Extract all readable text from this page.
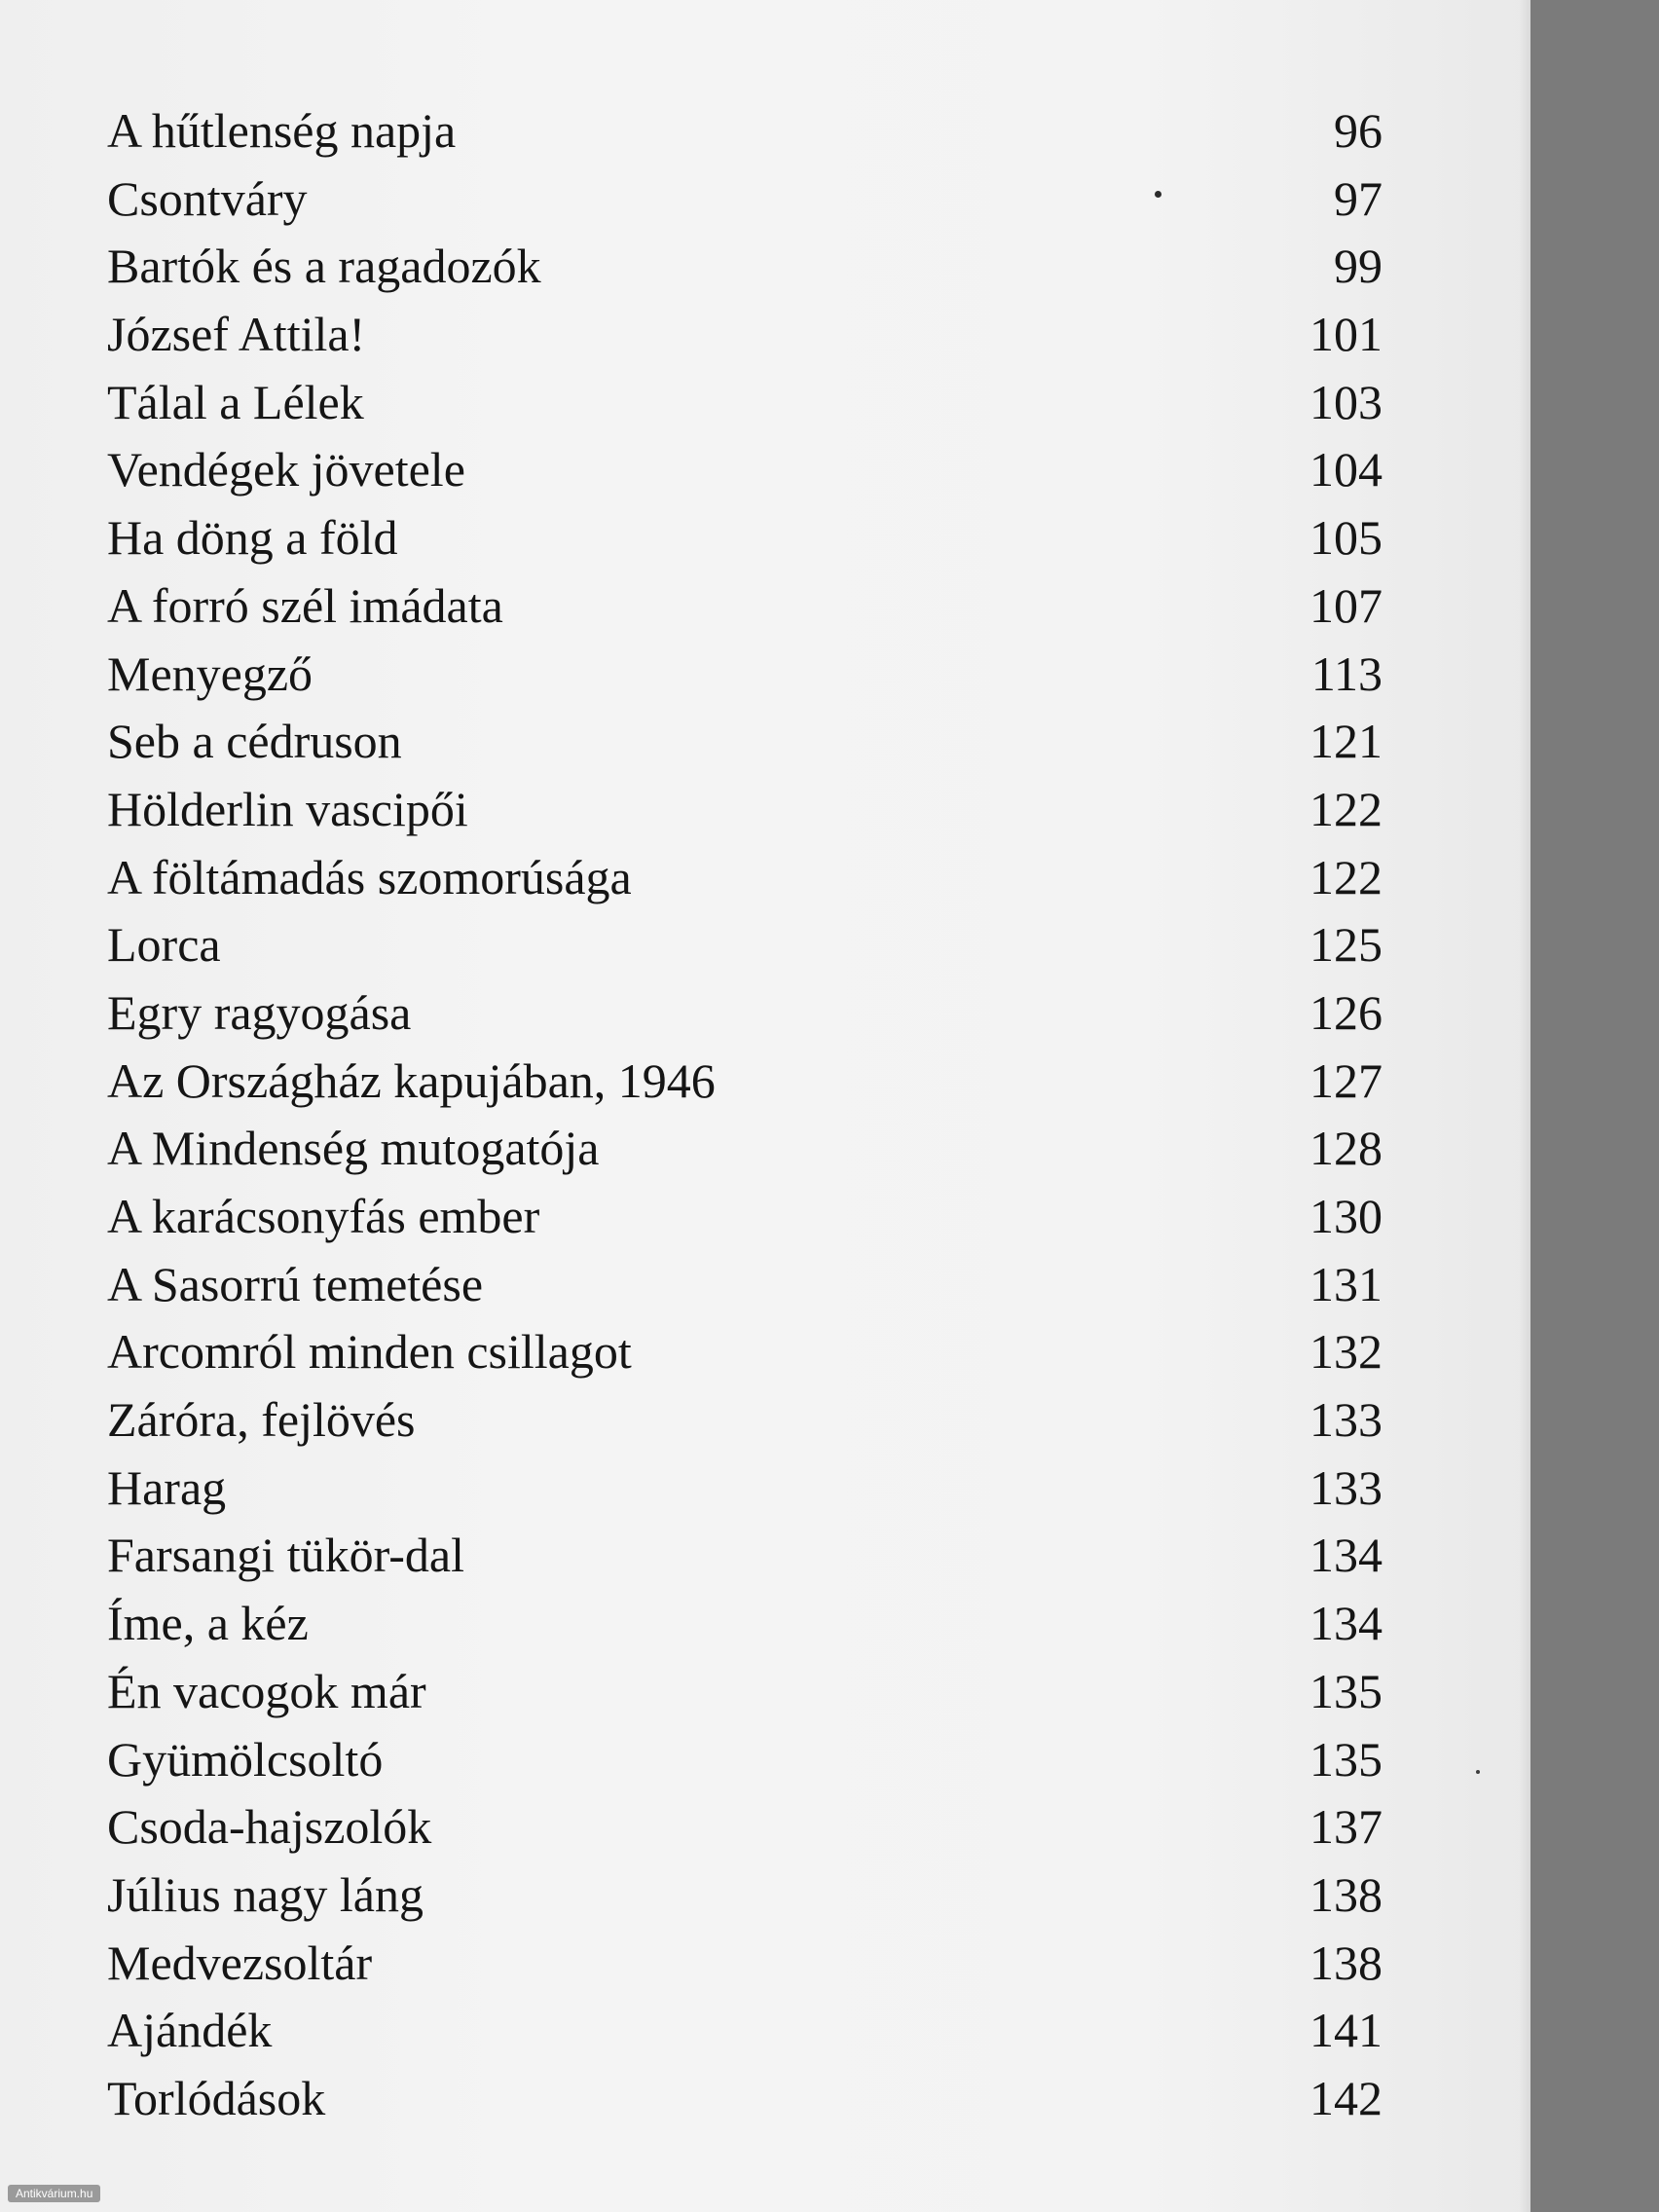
A hűtlenség napja	96
Csontváry	97
Bartók és a ragadozók	99
József Attila!	101
Tálal a Lélek	103
Vendégek jövetele	104
Ha döng a föld	105
A forró szél imádata	107
Menyegző	113
Seb a cédruson	121
Hölderlin vascipői	122
A föltámadás szomorúsága	122
Lorca	125
Egry ragyogása	126
Az Országház kapujában, 1946	127
A Mindenség mutogatója	128
A karácsonyfás ember	130
A Sasorrú temetése	131
Arcomról minden csillagot	132
Záróra, fejlövés	133
Harag	133
Farsangi tükör-dal	134
Íme, a kéz	134
Én vacogok már	135
Gyümölcsoltó	135
Csoda-hajszolók	137
Július nagy láng	138
Medvezsoltár	138
Ajándék	141
Torlódások	142
Antikvárium.hu
